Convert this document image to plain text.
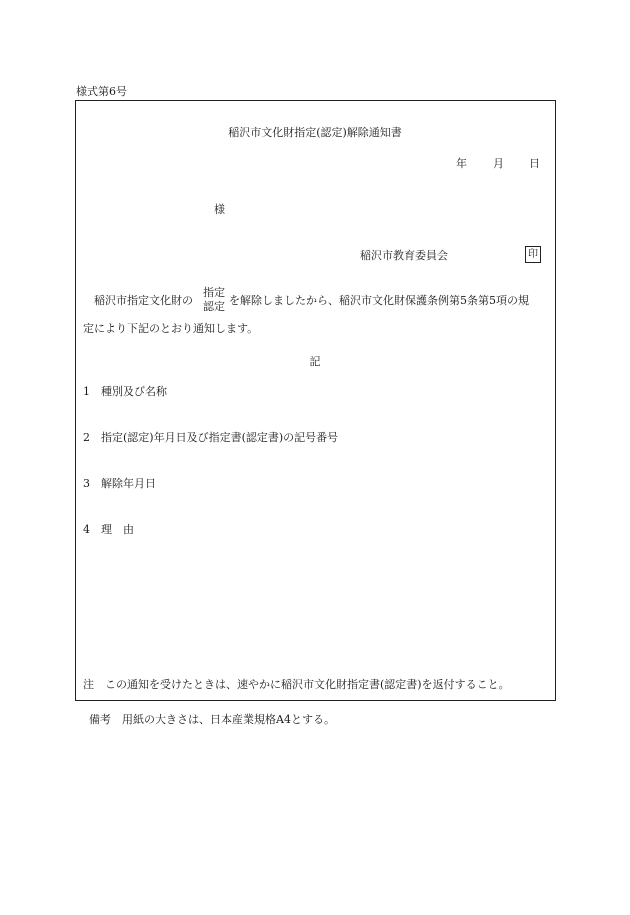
様式第6号
稲沢市文化財指定(認定)解除通知書
年 月 日
様
稲沢市教育委員会	印
稲沢市指定文化財の
指定
認定 を解除しましたから、稲沢市文化財保護条例第5条第5項の規
定により下記のとおり通知します。
記
1 種別及び名称
2 指定(認定)年月日及び指定書(認定書)の記号番号
3 解除年月日
4 理　由
注　この通知を受けたときは、速やかに稲沢市文化財指定書(認定書)を返付すること。
備考　用紙の大きさは、日本産業規格A4とする。
